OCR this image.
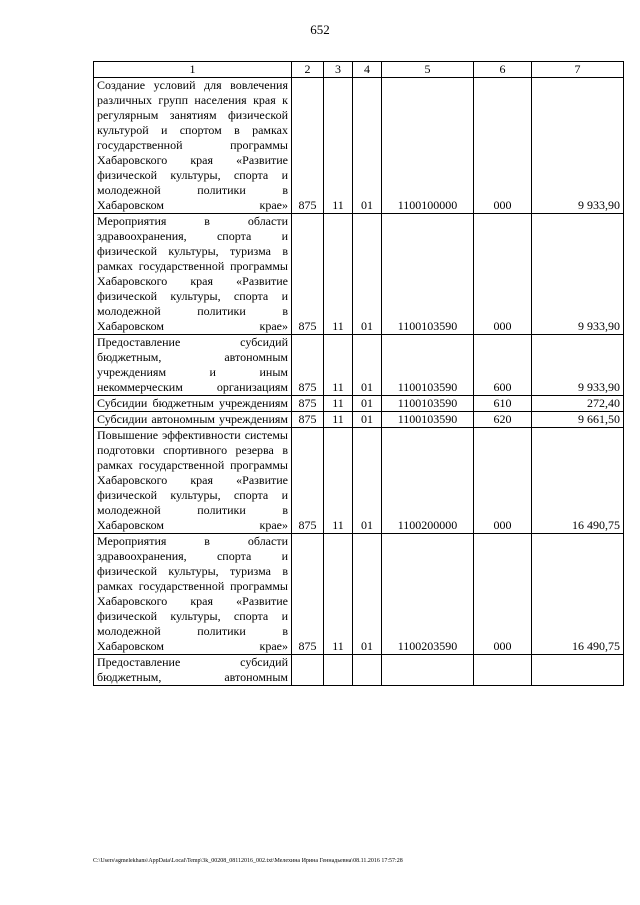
652
1	2	3	4	5	6	7
Создание условий для вовлечения различных групп населения края к регулярным занятиям физической культурой и спортом в рамках государственной программы Хабаровского края «Развитие физической культуры, спорта и молодежной политики в Хабаровском крае»	875	11	01	1100100000	000	9 933,90
Мероприятия в области здравоохранения, спорта и физической культуры, туризма в рамках государственной программы Хабаровского края «Развитие физической культуры, спорта и молодежной политики в Хабаровском крае»	875	11	01	1100103590	000	9 933,90
Предоставление субсидий бюджетным, автономным учреждениям и иным некоммерческим организациям	875	11	01	1100103590	600	9 933,90
Субсидии бюджетным учреждениям	875	11	01	1100103590	610	272,40
Субсидии автономным учреждениям	875	11	01	1100103590	620	9 661,50
Повышение эффективности системы подготовки спортивного резерва в рамках государственной программы Хабаровского края «Развитие физической культуры, спорта и молодежной политики в Хабаровском крае»	875	11	01	1100200000	000	16 490,75
Мероприятия в области здравоохранения, спорта и физической культуры, туризма в рамках государственной программы Хабаровского края «Развитие физической культуры, спорта и молодежной политики в Хабаровском крае»	875	11	01	1100203590	000	16 490,75
Предоставление субсидий бюджетным, автономным						
C:\Users\sgmelekhans\AppData\Local\Temp\3k_00208_08112016_002.txt\Мелехина Ирина Геннадьевна\08.11.2016 17:57:28
